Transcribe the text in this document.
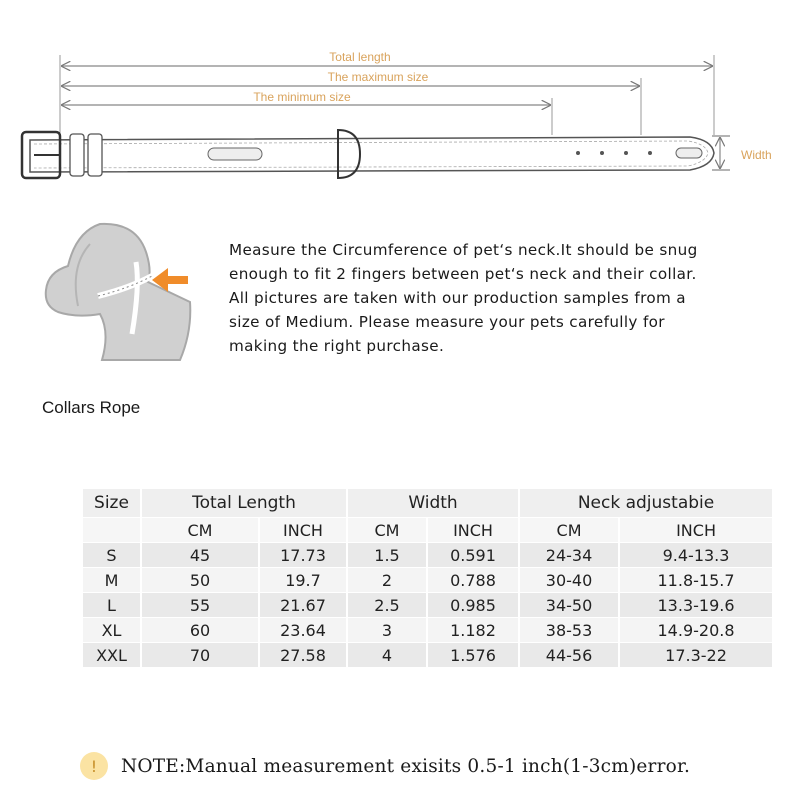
Total length
The maximum size
The minimum size
Width

Measure the Circumference of pet‘s neck.It should be snug
enough to fit 2 fingers between pet‘s neck and their collar.
All pictures are taken with our production samples from a
size of Medium. Please measure your pets carefully for
making the right purchase.

Collars Rope
Size	Total Length		Width		Neck adjustabie	
	CM	INCH	CM	INCH	CM	INCH
S	45	17.73	1.5	0.591	24-34	9.4-13.3
M	50	19.7	2	0.788	30-40	11.8-15.7
L	55	21.67	2.5	0.985	34-50	13.3-19.6
XL	60	23.64	3	1.182	38-53	14.9-20.8
XXL	70	27.58	4	1.576	44-56	17.3-22
!	NOTE:Manual measurement exisits 0.5-1 inch(1-3cm)error.
